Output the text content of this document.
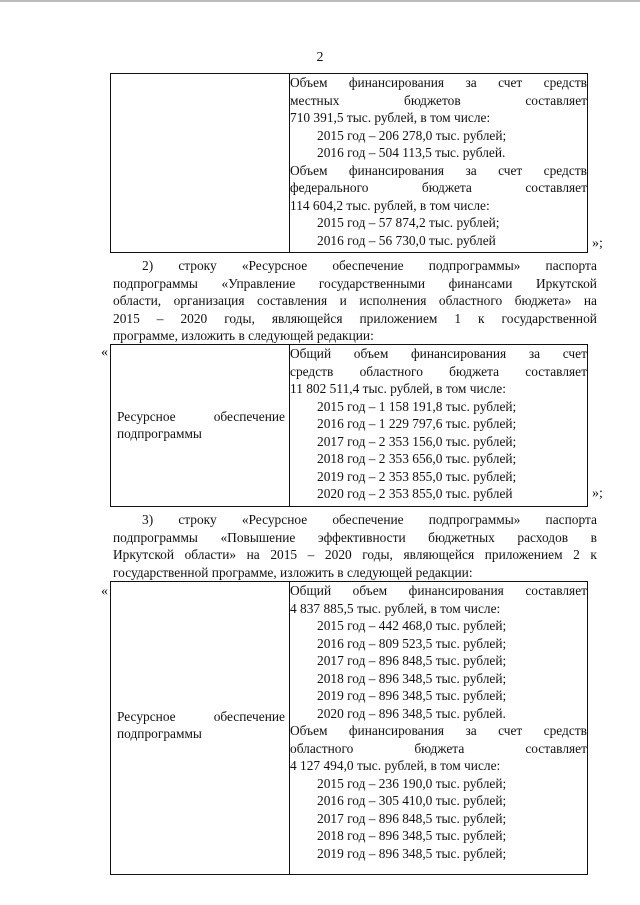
2

Объем финансирования за счет средств
местных	бюджетов	составляет
710 391,5 тыс. рублей, в том числе:
2015 год – 206 278,0 тыс. рублей;
2016 год – 504 113,5 тыс. рублей.
Объем финансирования за счет средств
федерального	бюджета	составляет
114 604,2 тыс. рублей, в том числе:
2015 год – 57 874,2 тыс. рублей;
2016 год – 56 730,0 тыс. рублей	»;
2) строку «Ресурсное обеспечение подпрограммы» паспорта
подпрограммы «Управление государственными финансами Иркутской
области, организация составления и исполнения областного бюджета» на
2015 – 2020 годы, являющейся приложением 1 к государственной
программе, изложить в следующей редакции:
«
Ресурсное	обеспечение
подпрограммы

Общий объем финансирования за счет
средств областного бюджета составляет
11 802 511,4 тыс. рублей, в том числе:
2015 год – 1 158 191,8 тыс. рублей;
2016 год – 1 229 797,6 тыс. рублей;
2017 год – 2 353 156,0 тыс. рублей;
2018 год – 2 353 656,0 тыс. рублей;
2019 год – 2 353 855,0 тыс. рублей;
2020 год – 2 353 855,0 тыс. рублей	»;
3) строку «Ресурсное обеспечение подпрограммы» паспорта
подпрограммы «Повышение эффективности бюджетных расходов в
Иркутской области» на 2015 – 2020 годы, являющейся приложением 2 к
государственной программе, изложить в следующей редакции:
«
Ресурсное	обеспечение
подпрограммы

Общий объем финансирования составляет
4 837 885,5 тыс. рублей, в том числе:
2015 год – 442 468,0 тыс. рублей;
2016 год – 809 523,5 тыс. рублей;
2017 год – 896 848,5 тыс. рублей;
2018 год – 896 348,5 тыс. рублей;
2019 год – 896 348,5 тыс. рублей;
2020 год – 896 348,5 тыс. рублей.
Объем финансирования за счет средств
областного	бюджета	составляет
4 127 494,0 тыс. рублей, в том числе:
2015 год – 236 190,0 тыс. рублей;
2016 год – 305 410,0 тыс. рублей;
2017 год – 896 848,5 тыс. рублей;
2018 год – 896 348,5 тыс. рублей;
2019 год – 896 348,5 тыс. рублей;
